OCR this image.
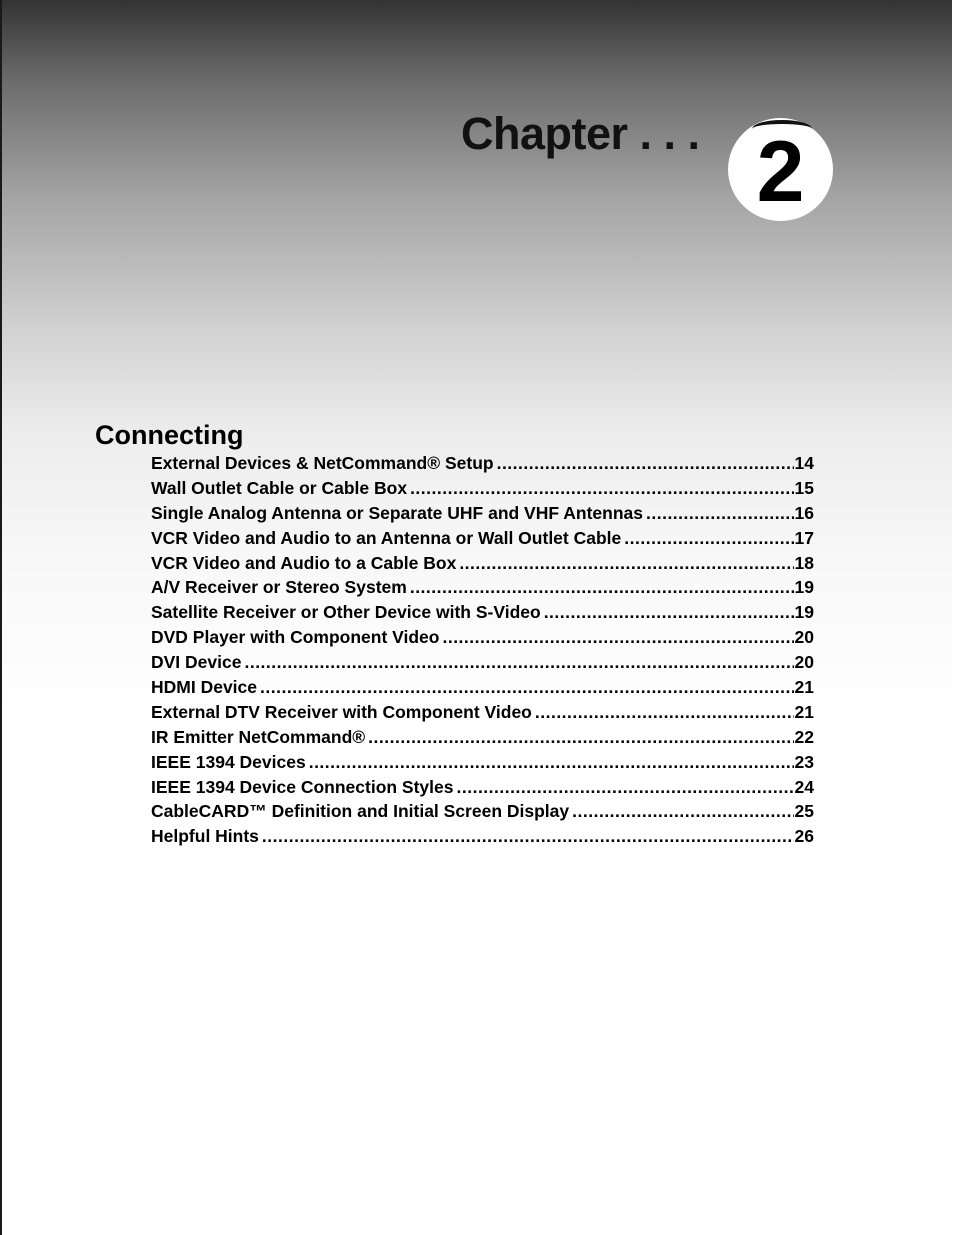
Chapter . . . 2
Connecting
External Devices & NetCommand® Setup .....	14
Wall Outlet Cable or Cable Box .....	15
Single Analog Antenna or Separate UHF and VHF Antennas .....	16
VCR Video and Audio to an Antenna or Wall Outlet Cable .....	17
VCR Video and Audio to a Cable Box .....	18
A/V Receiver or Stereo System .....	19
Satellite Receiver or Other Device with S-Video .....	19
DVD Player with Component Video .....	20
DVI Device .....	20
HDMI Device .....	21
External DTV Receiver with Component Video .....	21
IR Emitter NetCommand® .....	22
IEEE 1394 Devices .....	23
IEEE 1394 Device Connection Styles .....	24
CableCARD™ Definition and Initial Screen Display .....	25
Helpful Hints .....	26
